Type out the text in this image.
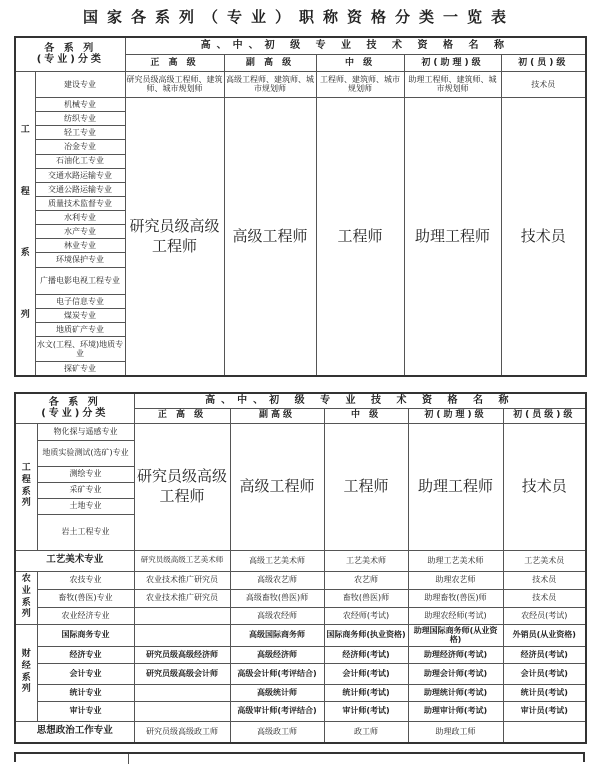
国家各系列（专业）职称资格分类一览表
各 系 列
(专业)分类		高、中、初 级 专 业 技 术 资 格 名 称				
		正 高 级	副 高 级	中 级	初(助理)级	初(员)级

工
程
系
列	建设专业	研究员级高级工程师、建筑师、城市规划师	高级工程师、建筑师、城市规划师	工程师、建筑师、城市规划师	助理工程师、建筑师、城市规划师	技术员
	机械专业	研究员级高级工程师	高级工程师	工程师	助理工程师	技术员
	纺织专业					
	轻工专业					
	冶金专业					
	石油化工专业					
	交通水路运输专业					
	交通公路运输专业					
	质量技术监督专业					
	水利专业					
	水产专业					
	林业专业					
	环境保护专业					
	广播电影电视工程专业					
	电子信息专业					
	煤炭专业					
	地质矿产专业					
	水文(工程、环境)地质专业					
	探矿专业					
各 系 列
(专业)分类		高、中、初 级 专 业 技 术 资 格 名 称				
		正 高 级	副高级	中 级	初(助理)级	初(员级)级

工
程
系
列	物化探与遥感专业	研究员级高级工程师	高级工程师	工程师	助理工程师	技术员
	地质实验测试(选矿)专业					
	测绘专业					
	采矿专业					
	土地专业					
	岩土工程专业					
工艺美术专业		研究员级高级工艺美术师	高级工艺美术师	工艺美术师	助理工艺美术师	工艺美术员

农
业
系
列	农技专业	农业技术推广研究员	高级农艺师	农艺师	助理农艺师	技术员
	畜牧(兽医)专业	农业技术推广研究员	高级畜牧(兽医)师	畜牧(兽医)师	助理畜牧(兽医)师	技术员
	农业经济专业		高级农经师	农经师(考试)	助理农经师(考试)	农经员(考试)

财
经
系
列	国际商务专业		高级国际商务师	国际商务师(执业资格)	助理国际商务师(从业资格)	外销员(从业资格)
	经济专业	研究员级高级经济师	高级经济师	经济师(考试)	助理经济师(考试)	经济员(考试)
	会计专业	研究员级高级会计师	高级会计师(考评结合)	会计师(考试)	助理会计师(考试)	会计员(考试)
	统计专业		高级统计师	统计师(考试)	助理统计师(考试)	统计员(考试)
	审计专业		高级审计师(考评结合)	审计师(考试)	助理审计师(考试)	审计员(考试)
思想政治工作专业		研究员级高级政工师	高级政工师	政工师	助理政工师	
